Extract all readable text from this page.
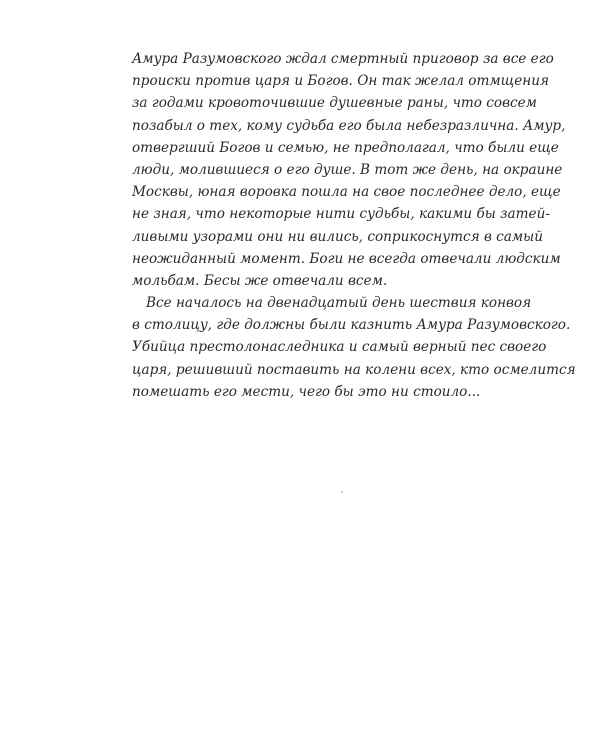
Амура Разумовского ждал смертный приговор за все его
происки против царя и Богов. Он так желал отмщения
за годами кровоточившие душевные раны, что совсем
позабыл о тех, кому судьба его была небезразлична. Амур,
отвергший Богов и семью, не предполагал, что были еще
люди, молившиеся о его душе. В тот же день, на окраине
Москвы, юная воровка пошла на свое последнее дело, еще
не зная, что некоторые нити судьбы, какими бы затей-
ливыми узорами они ни вились, соприкоснутся в самый
неожиданный момент. Боги не всегда отвечали людским
мольбам. Бесы же отвечали всем.
Все началось на двенадцатый день шествия конвоя
в столицу, где должны были казнить Амура Разумовского.
Убийца престолонаследника и самый верный пес своего
царя, решивший поставить на колени всех, кто осмелится
помешать его мести, чего бы это ни стоило...
